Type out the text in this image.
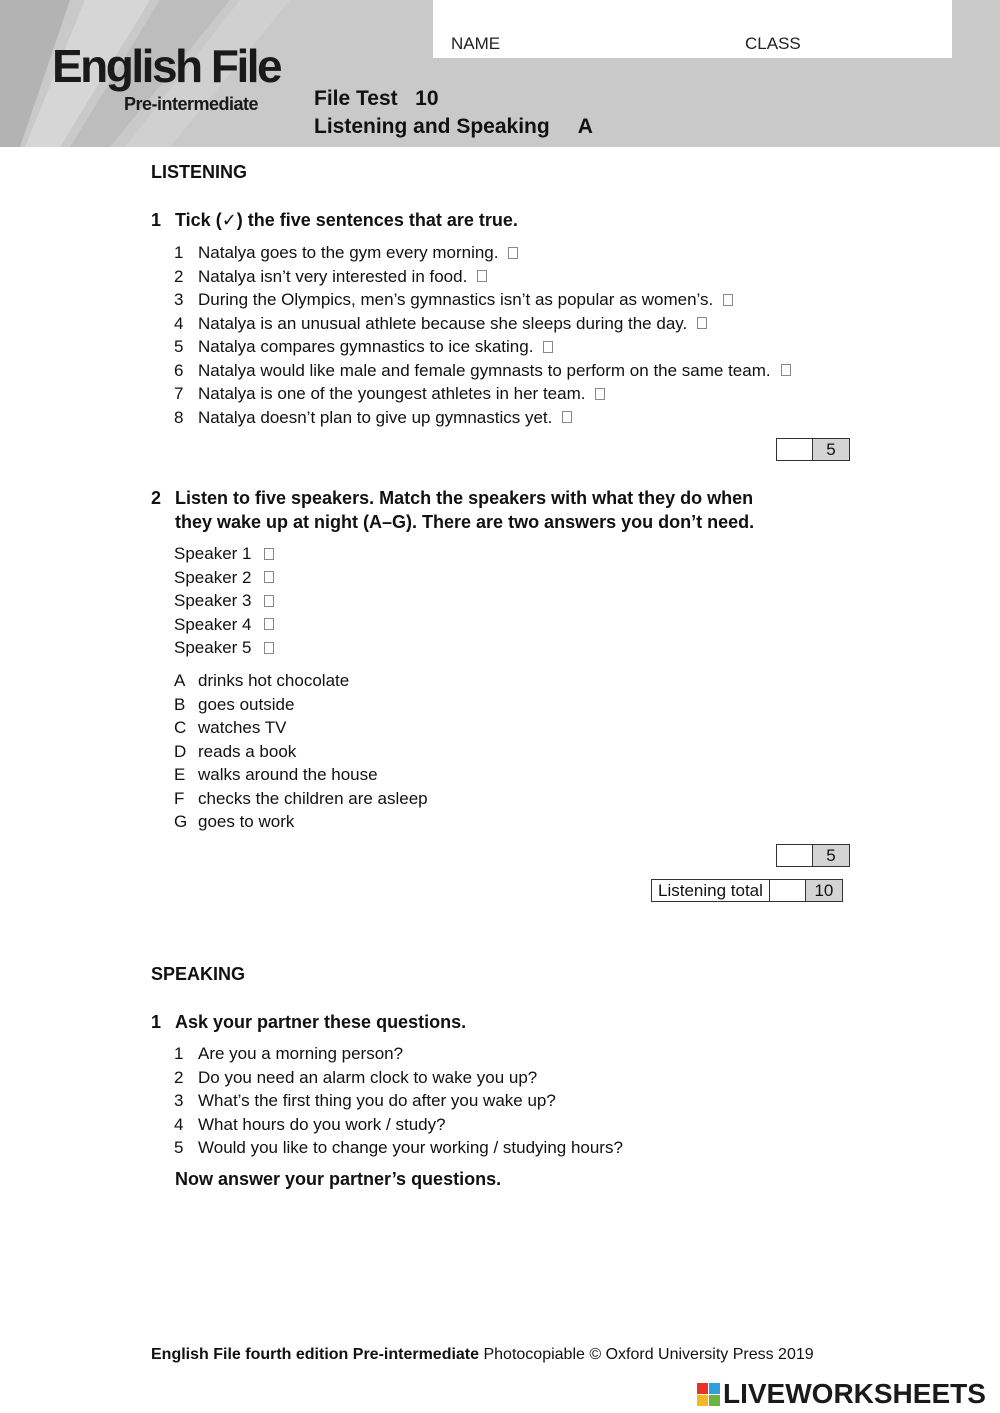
English File
Pre-intermediate
NAME	CLASS
File Test   10
Listening and Speaking A
LISTENING
1 Tick (✓) the five sentences that are true.
1 Natalya goes to the gym every morning.
2 Natalya isn’t very interested in food.
3 During the Olympics, men’s gymnastics isn’t as popular as women’s.
4 Natalya is an unusual athlete because she sleeps during the day.
5 Natalya compares gymnastics to ice skating.
6 Natalya would like male and female gymnasts to perform on the same team.
7 Natalya is one of the youngest athletes in her team.
8 Natalya doesn’t plan to give up gymnastics yet.
5
2 Listen to five speakers. Match the speakers with what they do when
they wake up at night (A–G). There are two answers you don’t need.
Speaker 1
Speaker 2
Speaker 3
Speaker 4
Speaker 5
A drinks hot chocolate
B goes outside
C watches TV
D reads a book
E walks around the house
F checks the children are asleep
G goes to work
5
Listening total	10
SPEAKING
1 Ask your partner these questions.
1 Are you a morning person?
2 Do you need an alarm clock to wake you up?
3 What’s the first thing you do after you wake up?
4 What hours do you work / study?
5 Would you like to change your working / studying hours?
Now answer your partner’s questions.
English File fourth edition Pre-intermediate Photocopiable © Oxford University Press 2019
LIVEWORKSHEETS
